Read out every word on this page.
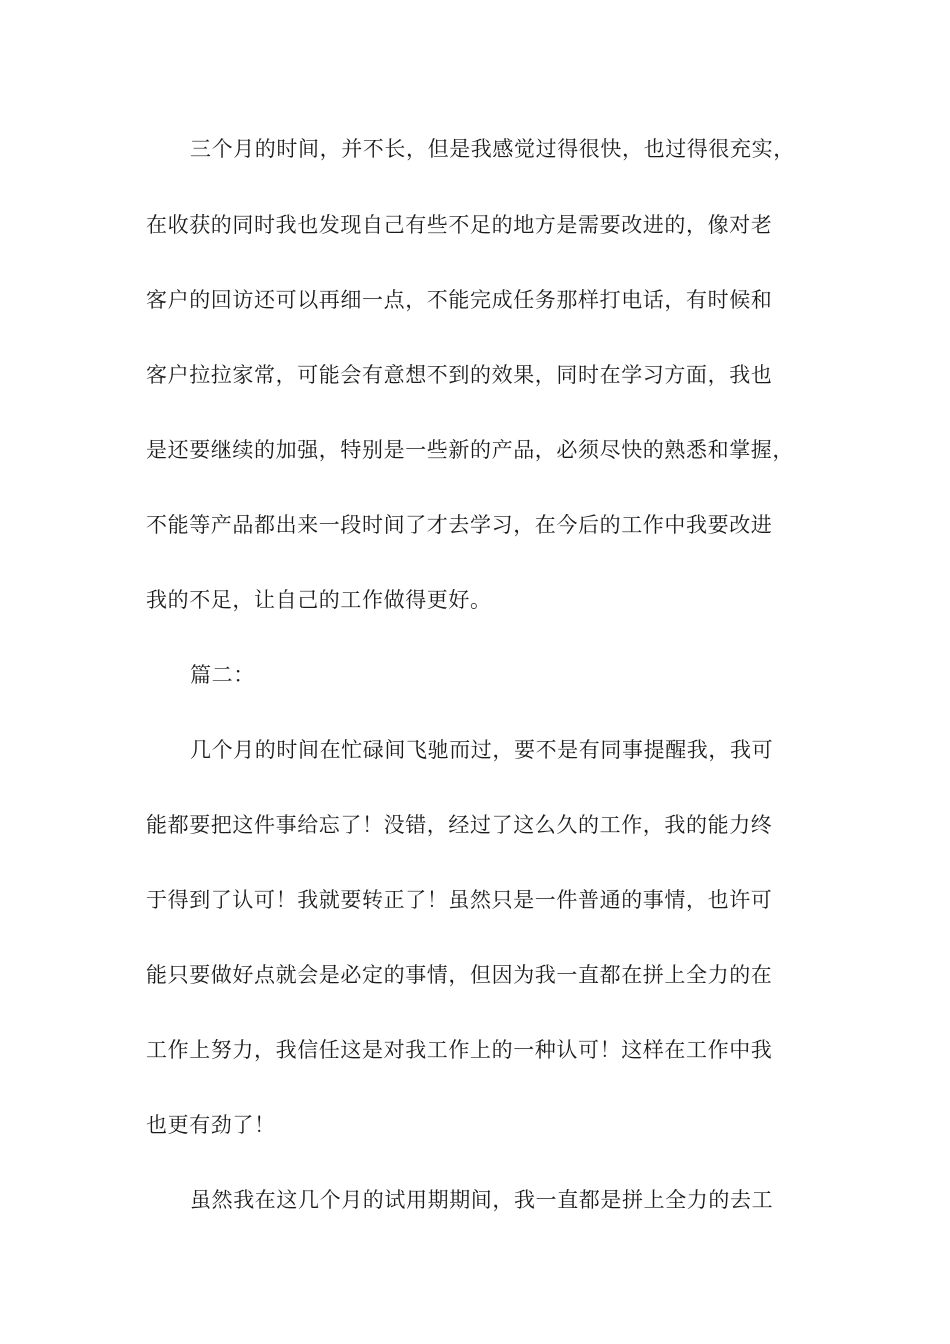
三个月的时间，并不长，但是我感觉过得很快，也过得很充实，
在收获的同时我也发现自己有些不足的地方是需要改进的，像对老
客户的回访还可以再细一点，不能完成任务那样打电话，有时候和
客户拉拉家常，可能会有意想不到的效果，同时在学习方面，我也
是还要继续的加强，特别是一些新的产品，必须尽快的熟悉和掌握，
不能等产品都出来一段时间了才去学习，在今后的工作中我要改进
我的不足，让自己的工作做得更好。
篇二：
几个月的时间在忙碌间飞驰而过，要不是有同事提醒我，我可
能都要把这件事给忘了！没错，经过了这么久的工作，我的能力终
于得到了认可！我就要转正了！虽然只是一件普通的事情，也许可
能只要做好点就会是必定的事情，但因为我一直都在拼上全力的在
工作上努力，我信任这是对我工作上的一种认可！这样在工作中我
也更有劲了！
虽然我在这几个月的试用期期间，我一直都是拼上全力的去工
